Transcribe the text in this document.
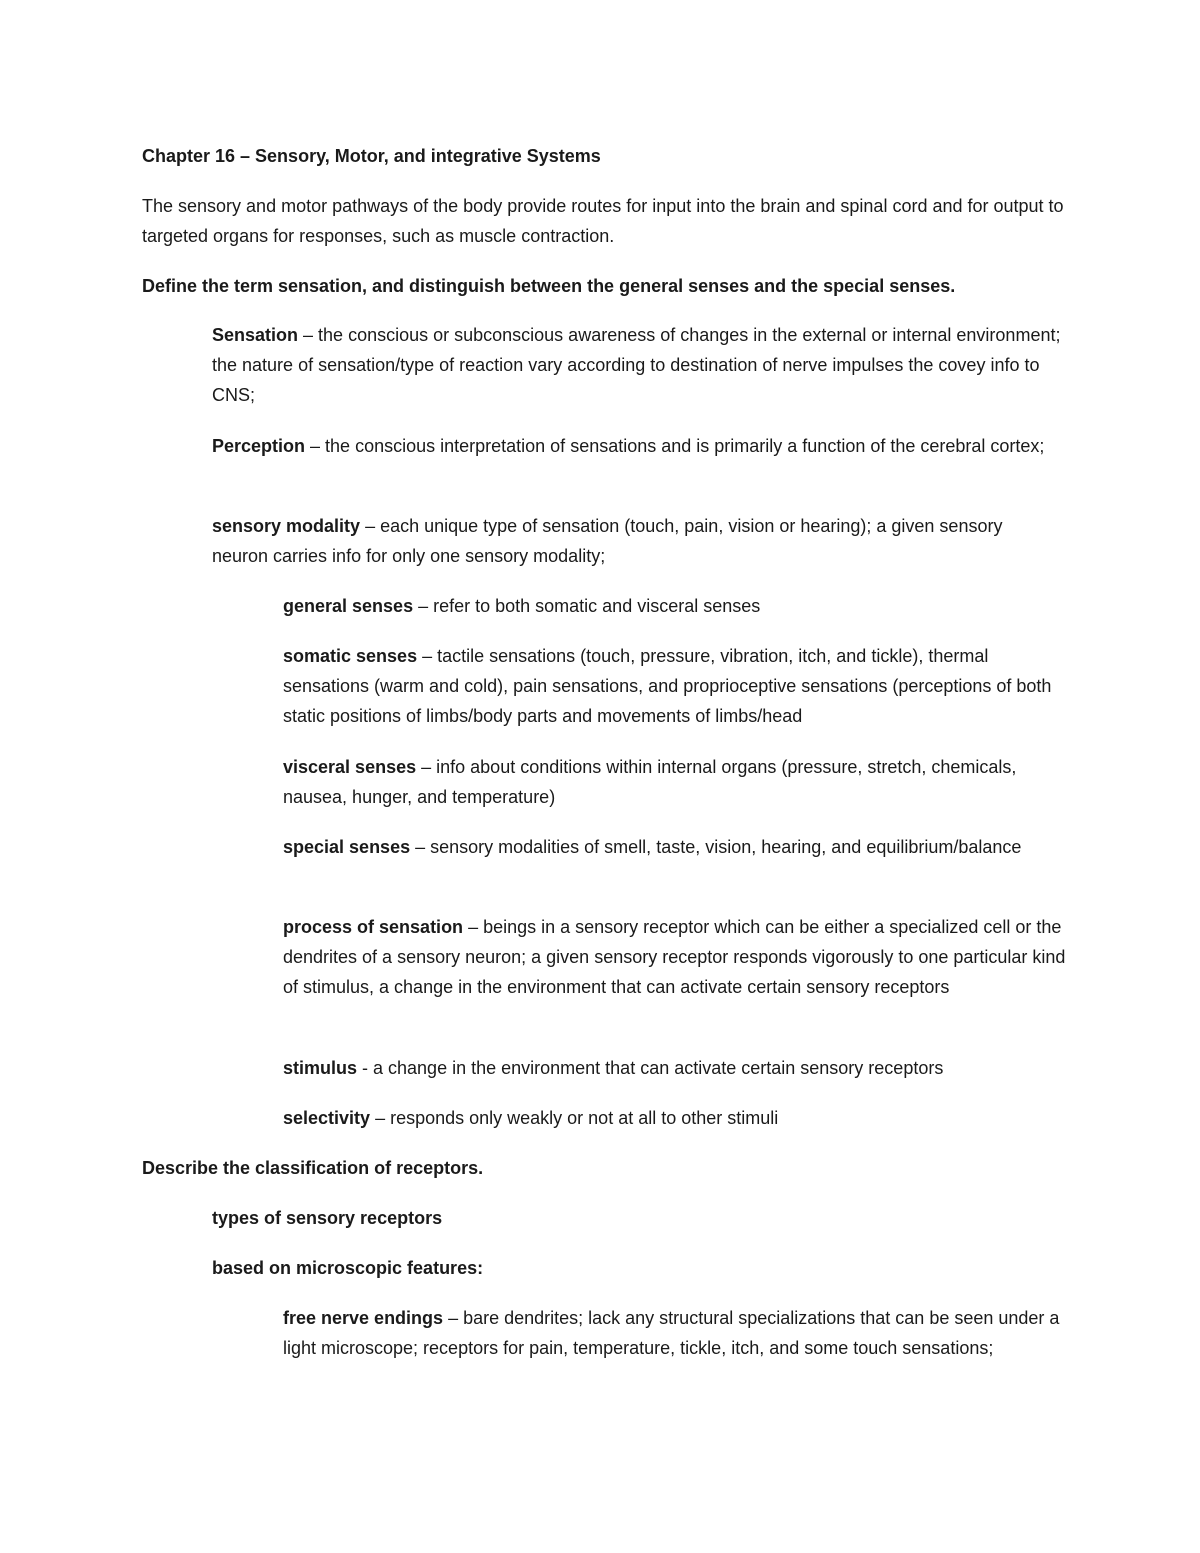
Chapter 16 – Sensory, Motor, and integrative Systems

The sensory and motor pathways of the body provide routes for input into the brain and spinal cord and for output to targeted organs for responses, such as muscle contraction.

Define the term sensation, and distinguish between the general senses and the special senses.

Sensation – the conscious or subconscious awareness of changes in the external or internal environment; the nature of sensation/type of reaction vary according to destination of nerve impulses the covey info to CNS;

Perception – the conscious interpretation of sensations and is primarily a function of the cerebral cortex;

sensory modality – each unique type of sensation (touch, pain, vision or hearing); a given sensory neuron carries info for only one sensory modality;

general senses – refer to both somatic and visceral senses

somatic senses – tactile sensations (touch, pressure, vibration, itch, and tickle), thermal sensations (warm and cold), pain sensations, and proprioceptive sensations (perceptions of both static positions of limbs/body parts and movements of limbs/head

visceral senses – info about conditions within internal organs (pressure, stretch, chemicals, nausea, hunger, and temperature)

special senses – sensory modalities of smell, taste, vision, hearing, and equilibrium/balance

process of sensation – beings in a sensory receptor which can be either a specialized cell or the dendrites of a sensory neuron; a given sensory receptor responds vigorously to one particular kind of stimulus, a change in the environment that can activate certain sensory receptors

stimulus - a change in the environment that can activate certain sensory receptors

selectivity – responds only weakly or not at all to other stimuli

Describe the classification of receptors.

types of sensory receptors

based on microscopic features:

free nerve endings – bare dendrites; lack any structural specializations that can be seen under a light microscope; receptors for pain, temperature, tickle, itch, and some touch sensations;
